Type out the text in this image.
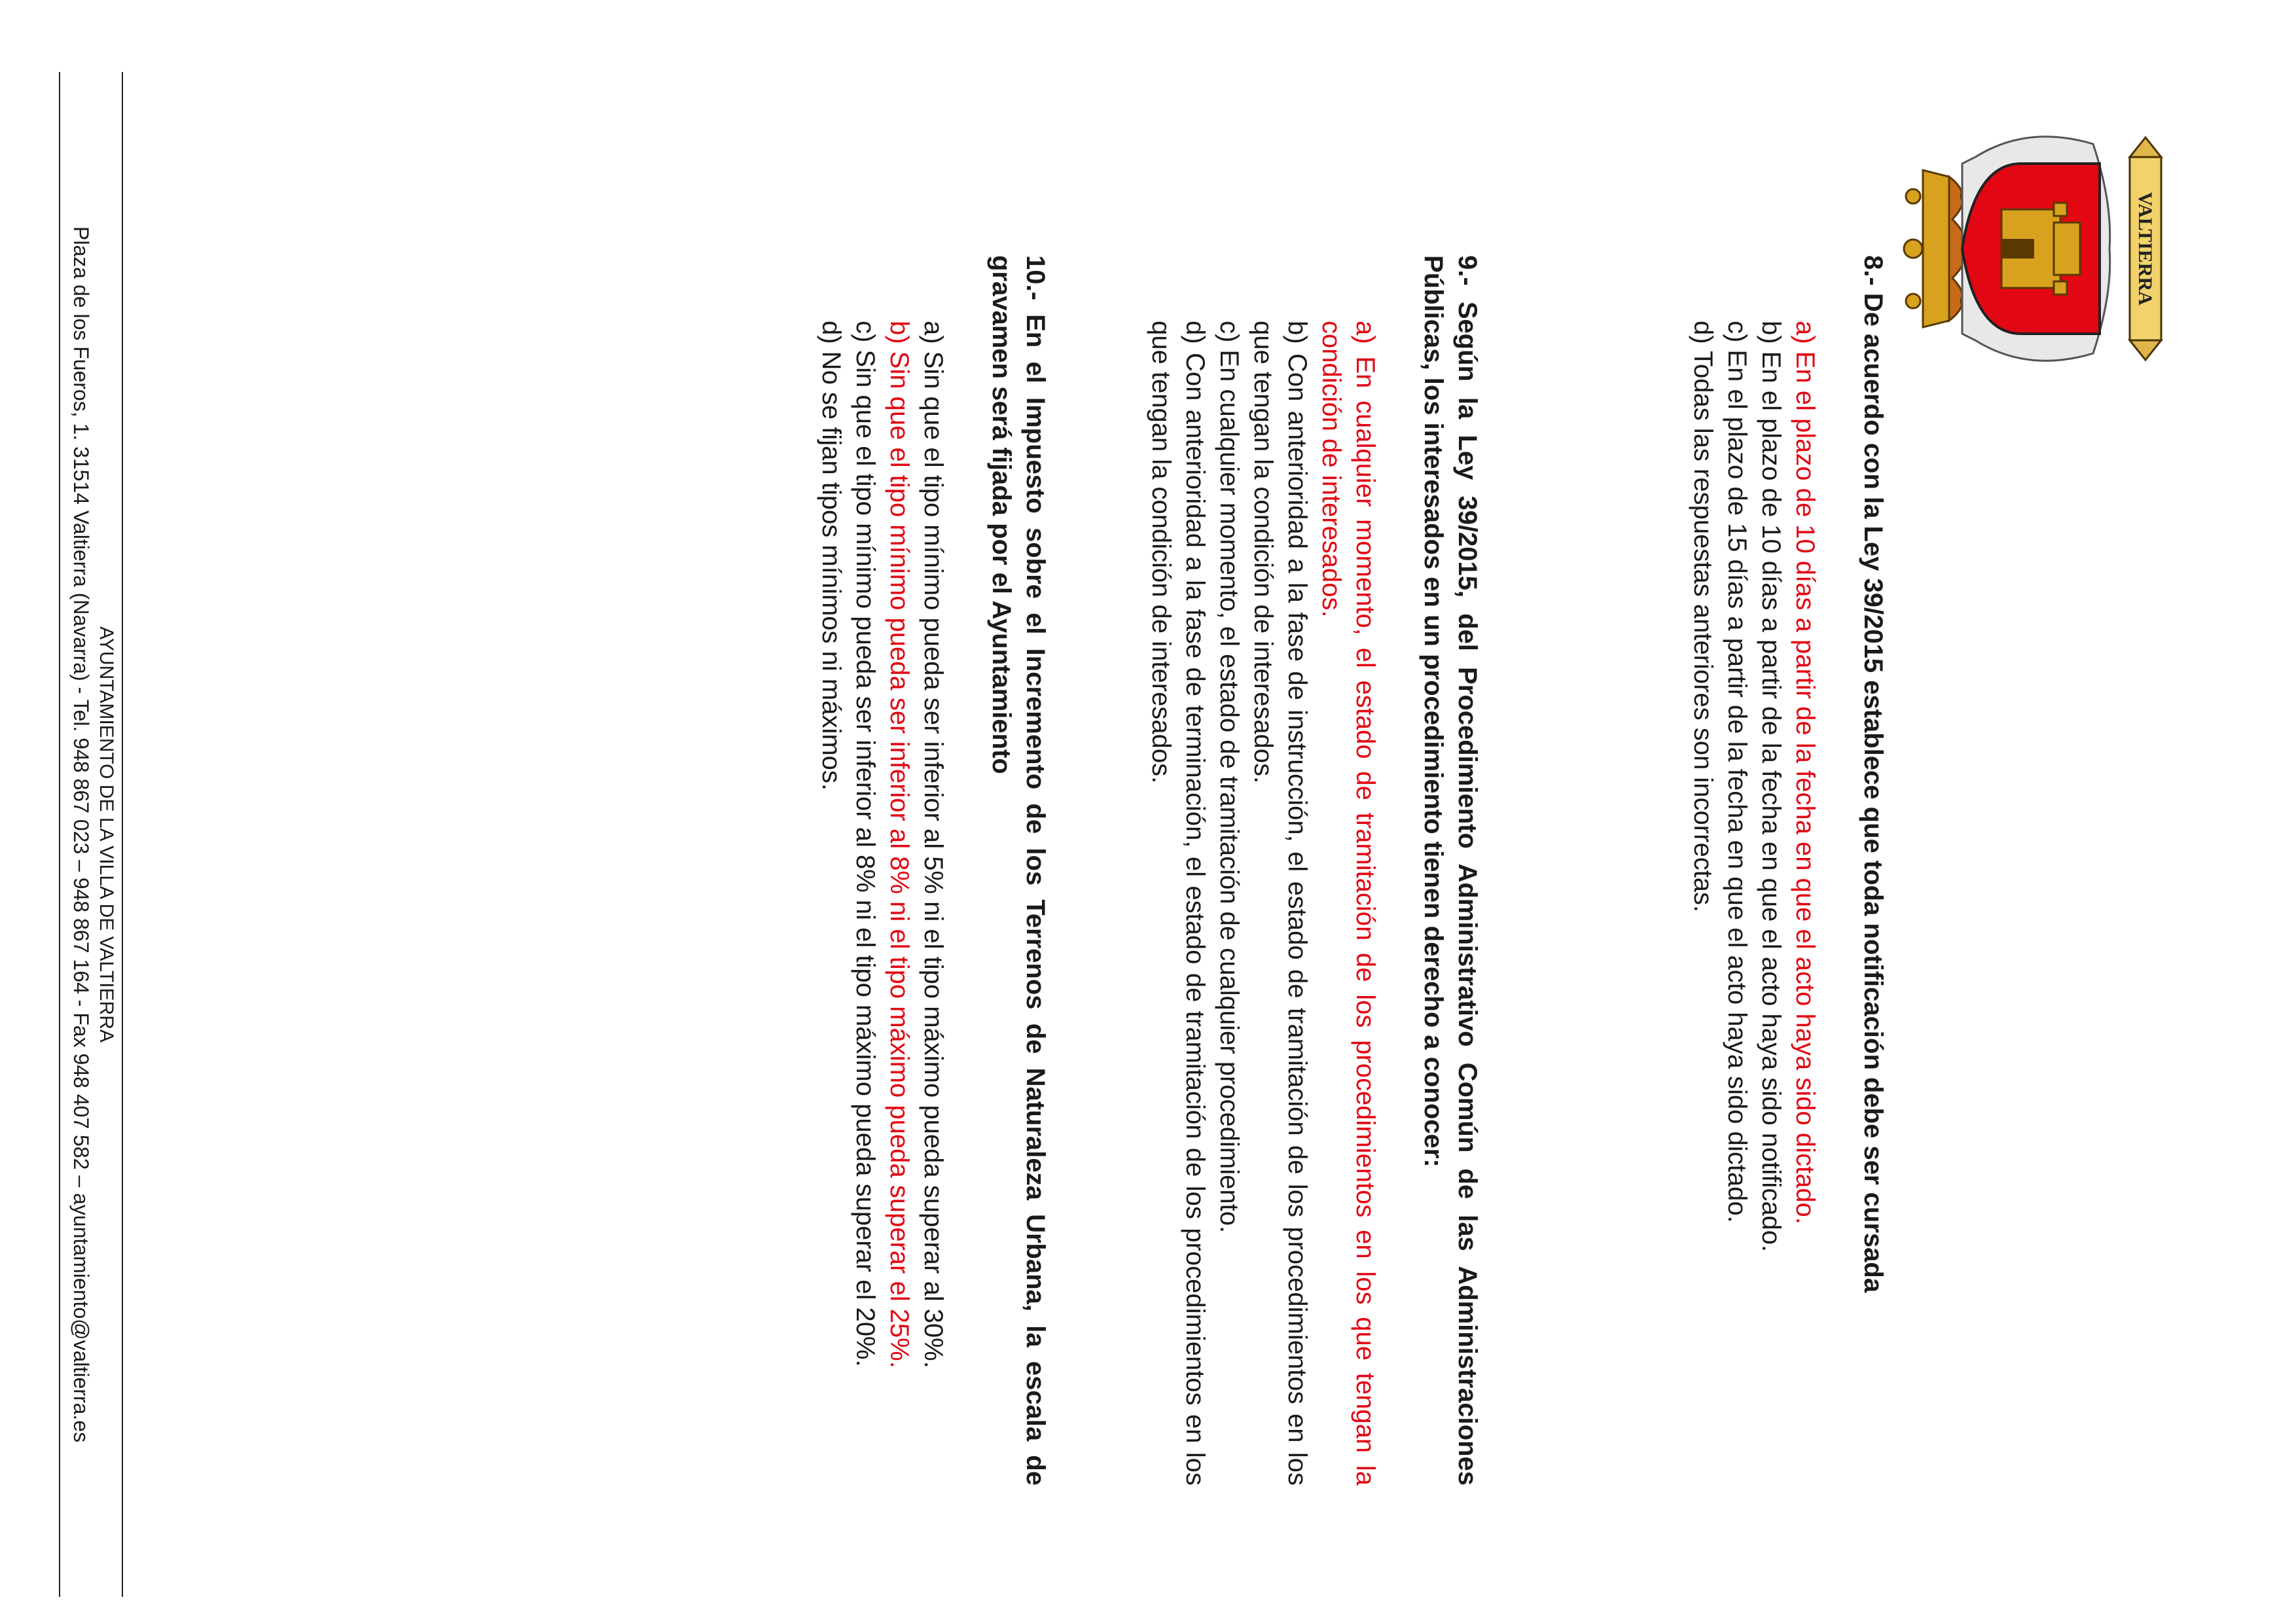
VALTIERRA
8.- De acuerdo con la Ley 39/2015 establece que toda notificación debe ser cursada
a) En el plazo de 10 días a partir de la fecha en que el acto haya sido dictado.
b) En el plazo de 10 días a partir de la fecha en que el acto haya sido notificado.
c) En el plazo de 15 días a partir de la fecha en que el acto haya sido dictado.
d) Todas las respuestas anteriores son incorrectas.
9.- Según la Ley 39/2015, del Procedimiento Administrativo Común de las Administraciones Públicas, los interesados en un procedimiento tienen derecho a conocer:
a) En cualquier momento, el estado de tramitación de los procedimientos en los que tengan la condición de interesados.
b) Con anterioridad a la fase de instrucción, el estado de tramitación de los procedimientos en los que tengan la condición de interesados.
c) En cualquier momento, el estado de tramitación de cualquier procedimiento.
d) Con anterioridad a la fase de terminación, el estado de tramitación de los procedimientos en los que tengan la condición de interesados.
10.- En el Impuesto sobre el Incremento de los Terrenos de Naturaleza Urbana, la escala de gravamen será fijada por el Ayuntamiento
a) Sin que el tipo mínimo pueda ser inferior al 5% ni el tipo máximo pueda superar al 30%.
b) Sin que el tipo mínimo pueda ser inferior al 8% ni el tipo máximo pueda superar el 25%.
c) Sin que el tipo mínimo pueda ser inferior al 8% ni el tipo máximo pueda superar el 20%.
d) No se fijan tipos mínimos ni máximos.
AYUNTAMIENTO DE LA VILLA DE VALTIERRA
Plaza de los Fueros, 1. 31514 Valtierra (Navarra) - Tel. 948 867 023 – 948 867 164 - Fax 948 407 582 – ayuntamiento@valtierra.es
